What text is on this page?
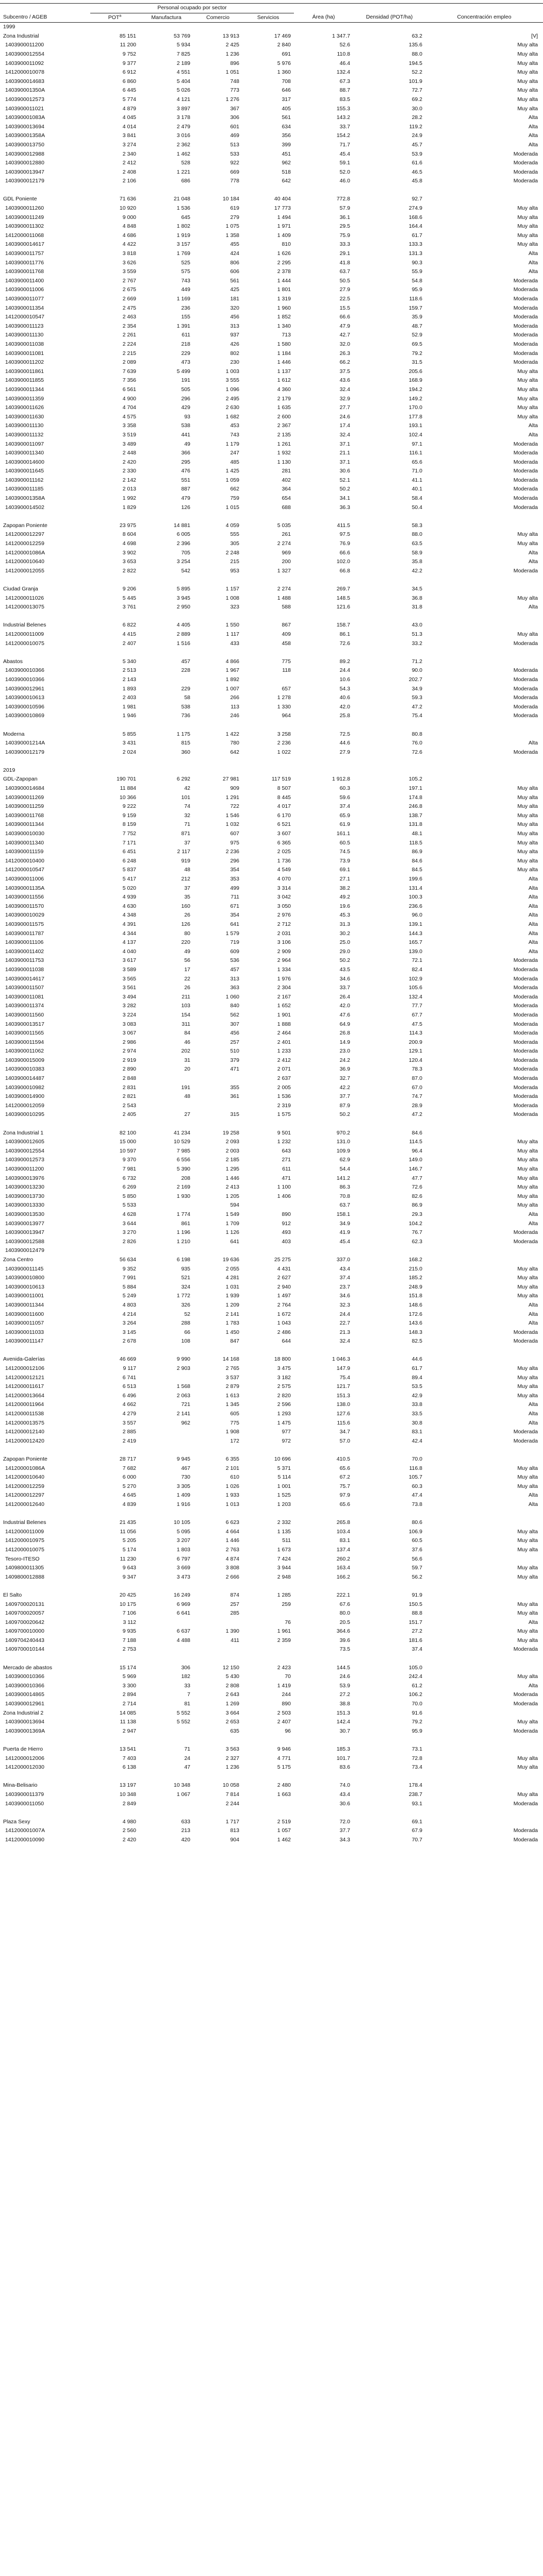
	Personal ocupado por sector						
Subcentro / AGEB	POT$^a$	Manufactura	Comercio	Servicios	Área (ha)	Densidad (POT/ha)	Concentración empleo
1999							
Zona Industrial	85 151	53 769	13 913	17 469	1 347.7	63.2	[V]
1403900011200	11 200	5 934	2 425	2 840	52.6	135.6	Muy alta
1403900012554	9 752	7 825	1 236	691	110.8	88.0	Muy alta
1403900011092	9 377	2 189	896	5 976	46.4	194.5	Muy alta
1412000010078	6 912	4 551	1 051	1 360	132.4	52.2	Muy alta
1403900014683	6 860	5 404	748	708	67.3	101.9	Muy alta
140390001350A	6 445	5 026	773	646	88.7	72.7	Muy alta
1403900012573	5 774	4 121	1 276	317	83.5	69.2	Muy alta
1403900011021	4 879	3 897	367	405	155.3	30.0	Muy alta
140390001083A	4 045	3 178	306	561	143.2	28.2	Alta
1403900013694	4 014	2 479	601	634	33.7	119.2	Alta
140390001358A	3 841	3 016	469	356	154.2	24.9	Alta
1403900013750	3 274	2 362	513	399	71.7	45.7	Alta
1403900012988	2 340	1 462	533	451	45.4	53.9	Moderada
1403900012880	2 412	528	922	962	59.1	61.6	Moderada
1403900013947	2 408	1 221	669	518	52.0	46.5	Moderada
1403900012179	2 106	686	778	642	46.0	45.8	Moderada

GDL Poniente	71 636	21 048	10 184	40 404	772.8	92.7	
1403900011260	10 920	1 536	619	17 773	57.9	274.9	Muy alta
1403900011249	9 000	645	279	1 494	36.1	168.6	Muy alta
1403900011302	4 848	1 802	1 075	1 971	29.5	164.4	Muy alta
1412000011068	4 686	1 919	1 358	1 409	75.9	61.7	Muy alta
1403900014617	4 422	3 157	455	810	33.3	133.3	Muy alta
1403900011757	3 818	1 769	424	1 626	29.1	131.3	Alta
1403900011776	3 626	525	806	2 295	41.8	90.3	Alta
1403900011768	3 559	575	606	2 378	63.7	55.9	Alta
1403900011400	2 767	743	561	1 444	50.5	54.8	Moderada
1403900011006	2 675	449	425	1 801	27.9	95.9	Moderada
1403900011077	2 669	1 169	181	1 319	22.5	118.6	Moderada
1403900011354	2 475	236	320	1 960	15.5	159.7	Moderada
1412000010547	2 463	155	456	1 852	66.6	35.9	Moderada
1403900011123	2 354	1 391	313	1 340	47.9	48.7	Moderada
1403900011130	2 261	611	937	713	42.7	52.9	Moderada
1403900011038	2 224	218	426	1 580	32.0	69.5	Moderada
1403900011081	2 215	229	802	1 184	26.3	79.2	Moderada
1403900011202	2 089	473	230	1 446	66.2	31.5	Moderada
1403900011861	7 639	5 499	1 003	1 137	37.5	205.6	Muy alta
1403900011855	7 356	191	3 555	1 612	43.6	168.9	Muy alta
1403900011344	6 561	505	1 096	4 360	32.4	194.2	Muy alta
1403900011359	4 900	296	2 495	2 179	32.9	149.2	Muy alta
1403900011626	4 704	429	2 630	1 635	27.7	170.0	Muy alta
1403900011630	4 575	93	1 682	2 600	24.6	177.8	Muy alta
1403900011130	3 358	538	453	2 367	17.4	193.1	Alta
1403900011132	3 519	441	743	2 135	32.4	102.4	Alta
1403900011097	3 489	49	1 179	1 261	37.1	97.1	Moderada
1403900011340	2 448	366	247	1 932	21.1	116.1	Moderada
1403900014600	2 420	295	485	1 130	37.1	65.6	Moderada
1403900011645	2 330	476	1 425	281	30.6	71.0	Moderada
1403900011162	2 142	551	1 059	402	52.1	41.1	Moderada
1403900011185	2 013	887	662	364	50.2	40.1	Moderada
140390001358A	1 992	479	759	654	34.1	58.4	Moderada
1403900014502	1 829	126	1 015	688	36.3	50.4	Moderada

Zapopan Poniente	23 975	14 881	4 059	5 035	411.5	58.3	
1412000012297	8 604	6 005	555	261	97.5	88.0	Muy alta
1412000012259	4 698	2 396	305	2 274	76.9	63.5	Muy alta
141200001086A	3 902	705	2 248	969	66.6	58.9	Alta
1412000010640	3 653	3 254	215	200	102.0	35.8	Alta
1412000012055	2 822	542	953	1 327	66.8	42.2	Moderada

Ciudad Granja	9 206	5 895	1 157	2 274	269.7	34.5	
1412000011026	5 445	3 945	1 008	1 488	148.5	36.8	Muy alta
1412000013075	3 761	2 950	323	588	121.6	31.8	Alta

Industrial Belenes	6 822	4 405	1 550	867	158.7	43.0	
1412000011009	4 415	2 889	1 117	409	86.1	51.3	Muy alta
1412000010075	2 407	1 516	433	458	72.6	33.2	Moderada

Abastos	5 340	457	4 866	775	89.2	71.2	
1403900010366	2 513	228	1 967	118	24.4	90.0	Moderada
1403900010366	2 143		1 892		10.6	202.7	Moderada
1403900012961	1 893	229	1 007	657	54.3	34.9	Moderada
1403900010613	2 403	58	266	1 278	40.6	59.3	Moderada
1403900010596	1 981	538	113	1 330	42.0	47.2	Moderada
1403900010869	1 946	736	246	964	25.8	75.4	Moderada

Moderna	5 855	1 175	1 422	3 258	72.5	80.8	
140390001214A	3 431	815	780	2 236	44.6	76.0	Alta
1403900012179	2 024	360	642	1 022	27.9	72.6	Moderada

2019							
GDL-Zapopan	190 701	6 292	27 981	117 519	1 912.8	105.2	
1403900014684	11 884	42	909	8 507	60.3	197.1	Muy alta
1403900011269	10 366	101	1 291	8 445	59.6	174.8	Muy alta
1403900011259	9 222	74	722	4 017	37.4	246.8	Muy alta
1403900011768	9 159	32	1 546	6 170	65.9	138.7	Muy alta
1403900011344	8 159	71	1 032	6 521	61.9	131.8	Muy alta
1403900010030	7 752	871	607	3 607	161.1	48.1	Muy alta
1403900011340	7 171	37	975	6 365	60.5	118.5	Muy alta
1403900011159	6 451	2 117	2 236	2 025	74.5	86.9	Muy alta
1412000010400	6 248	919	296	1 736	73.9	84.6	Muy alta
1412000010547	5 837	48	354	4 549	69.1	84.5	Muy alta
1403900011006	5 417	212	353	4 070	27.1	199.6	Alta
140390001135A	5 020	37	499	3 314	38.2	131.4	Alta
1403900011556	4 939	35	711	3 042	49.2	100.3	Alta
1403900011570	4 630	160	671	3 050	19.6	236.6	Alta
1403900010029	4 348	26	354	2 976	45.3	96.0	Alta
1403900011575	4 391	126	641	2 712	31.3	139.1	Alta
1403900011787	4 344	80	1 579	2 031	30.2	144.3	Alta
1403900011106	4 137	220	719	3 106	25.0	165.7	Alta
1403900011402	4 040	49	609	2 909	29.0	139.0	Alta
1403900011753	3 617	56	536	2 964	50.2	72.1	Moderada
1403900011038	3 589	17	457	1 334	43.5	82.4	Moderada
1403900014617	3 565	22	313	1 976	34.6	102.9	Moderada
1403900011507	3 561	26	363	2 304	33.7	105.6	Moderada
1403900011081	3 494	211	1 060	2 167	26.4	132.4	Moderada
1403900011374	3 282	103	840	1 652	42.0	77.7	Moderada
1403900011560	3 224	154	562	1 901	47.6	67.7	Moderada
1403900013517	3 083	311	307	1 888	64.9	47.5	Moderada
1403900011565	3 067	84	456	2 464	26.8	114.3	Moderada
1403900011594	2 986	46	257	2 401	14.9	200.9	Moderada
1403900011062	2 974	202	510	1 233	23.0	129.1	Moderada
1403900015009	2 919	31	379	2 412	24.2	120.4	Moderada
1403900010383	2 890	20	471	2 071	36.9	78.3	Moderada
1403900014487	2 848			2 637	32.7	87.0	Moderada
1403900010982	2 831	191	355	2 005	42.2	67.0	Moderada
1403900014900	2 821	48	361	1 536	37.7	74.7	Moderada
1412000012059	2 543			2 319	87.9	28.9	Moderada
1403900010295	2 405	27	315	1 575	50.2	47.2	Moderada

Zona Industrial 1	82 100	41 234	19 258	9 501	970.2	84.6	
1403900012605	15 000	10 529	2 093	1 232	131.0	114.5	Muy alta
1403900012554	10 597	7 985	2 003	643	109.9	96.4	Muy alta
1403900012573	9 370	6 556	2 185	271	62.9	149.0	Muy alta
1403900011200	7 981	5 390	1 295	611	54.4	146.7	Muy alta
1403900013976	6 732	208	1 446	471	141.2	47.7	Muy alta
1403900013230	6 269	2 169	2 413	1 100	86.3	72.6	Muy alta
1403900013730	5 850	1 930	1 205	1 406	70.8	82.6	Muy alta
1403900013330	5 533		594		63.7	86.9	Muy alta
1403900013530	4 628	1 774	1 549	890	158.1	29.3	Alta
1403900013977	3 644	861	1 709	912	34.9	104.2	Alta
1403900013947	3 270	1 196	1 126	493	41.9	76.7	Moderada
1403900012588	2 826	1 210	641	403	45.4	62.3	Moderada
1403900012479							
Zona Centro	56 634	6 198	19 636	25 275	337.0	168.2	
1403900011145	9 352	935	2 055	4 431	43.4	215.0	Muy alta
1403900010800	7 991	521	4 281	2 627	37.4	185.2	Muy alta
1403900010613	5 884	324	1 031	2 940	23.7	248.9	Muy alta
1403900011001	5 249	1 772	1 939	1 497	34.6	151.8	Muy alta
1403900011344	4 803	326	1 209	2 764	32.3	148.6	Alta
1403900011600	4 214	52	2 141	1 672	24.4	172.6	Alta
1403900011057	3 264	288	1 783	1 043	22.7	143.6	Alta
1403900011033	3 145	66	1 450	2 486	21.3	148.3	Moderada
1403900011147	2 678	108	847	644	32.4	82.5	Moderada

Avenida-Galerías	46 669	9 990	14 168	18 800	1 046.3	44.6	
1412000012106	9 117	2 903	2 765	3 475	147.9	61.7	Muy alta
1412000012121	6 741		3 537	3 182	75.4	89.4	Muy alta
1412000011617	6 513	1 568	2 879	2 575	121.7	53.5	Muy alta
1412000013664	6 496	2 063	1 613	2 820	151.3	42.9	Muy alta
1412000011964	4 662	721	1 345	2 596	138.0	33.8	Alta
1412000011538	4 279	2 141	605	1 293	127.6	33.5	Alta
1412000013575	3 557	962	775	1 475	115.6	30.8	Alta
1412000012140	2 885		1 908	977	34.7	83.1	Moderada
1412000012420	2 419		172	972	57.0	42.4	Moderada

Zapopan Poniente	28 717	9 945	6 355	10 696	410.5	70.0	
141200001086A	7 682	467	2 101	5 371	65.6	116.8	Muy alta
1412000010640	6 000	730	610	5 114	67.2	105.7	Muy alta
1412000012259	5 270	3 305	1 026	1 001	75.7	60.3	Muy alta
1412000012297	4 645	1 409	1 933	1 525	97.9	47.4	Alta
1412000012640	4 839	1 916	1 013	1 203	65.6	73.8	Alta

Industrial Belenes	21 435	10 105	6 623	2 332	265.8	80.6	
1412000011009	11 056	5 095	4 664	1 135	103.4	106.9	Muy alta
1412000010975	5 205	3 207	1 446	511	83.1	60.5	Muy alta
1412000010075	5 174	1 803	2 763	1 673	137.4	37.6	Muy alta
Tesoro-ITESO	11 230	6 797	4 874	7 424	260.2	56.6	
1409800011305	9 643	3 669	3 808	3 944	163.4	59.7	Muy alta
1409800012888	9 347	3 473	2 666	2 948	166.2	56.2	Muy alta

El Salto	20 425	16 249	874	1 285	222.1	91.9	
1409700020131	10 175	6 969	257	259	67.6	150.5	Muy alta
1409700020057	7 106	6 641	285		80.0	88.8	Muy alta
1409700020642	3 112			76	20.5	151.7	Alta
1409700010000	9 935	6 637	1 390	1 961	364.6	27.2	Muy alta
1409704240443	7 188	4 488	411	2 359	39.6	181.6	Muy alta
1409700010144	2 753				73.5	37.4	Moderada

Mercado de abastos	15 174	306	12 150	2 423	144.5	105.0	
1403900010366	5 969	182	5 430	70	24.6	242.4	Muy alta
1403900010366	3 300	33	2 808	1 419	53.9	61.2	Alta
1403900014865	2 894	7	2 643	244	27.2	106.2	Moderada
1403900012961	2 714	81	1 269	890	38.8	70.0	Moderada
Zona Industrial 2	14 085	5 552	3 664	2 503	151.3	91.6	
1403900013694	11 138	5 552	2 653	2 407	142.4	79.2	Muy alta
140390001369A	2 947		635	96	30.7	95.9	Moderada

Puerta de Hierro	13 541	71	3 563	9 946	185.3	73.1	
1412000012006	7 403	24	2 327	4 771	101.7	72.8	Muy alta
1412000012030	6 138	47	1 236	5 175	83.6	73.4	Muy alta

Mina-Belisario	13 197	10 348	10 058	2 480	74.0	178.4	
1403900011379	10 348	1 067	7 814	1 663	43.4	238.7	Muy alta
1403900011050	2 849		2 244		30.6	93.1	Moderada

Plaza Sexy	4 980	633	1 717	2 519	72.0	69.1	
141200001007A	2 560	213	813	1 057	37.7	67.9	Moderada
1412000010090	2 420	420	904	1 462	34.3	70.7	Moderada
